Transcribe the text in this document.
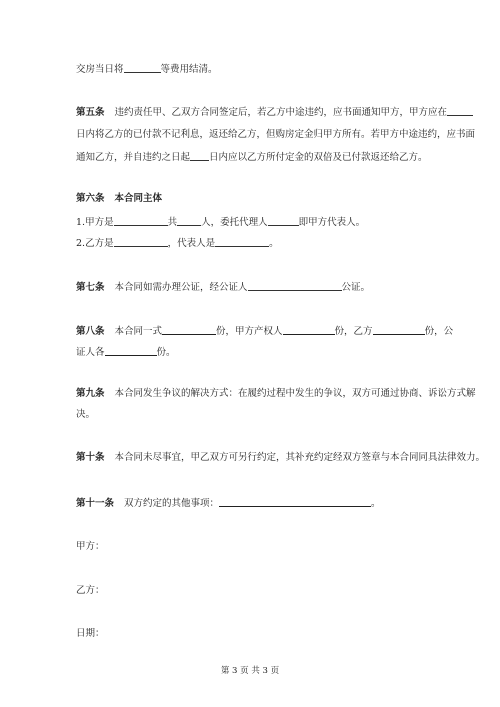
交房当日将	等费用结清。
第五条 违约责任甲、乙双方合同签定后，若乙方中途违约，应书面通知甲方，甲方应在
日内将乙方的已付款不记利息，返还给乙方，但购房定金归甲方所有。若甲方中途违约，应书面
通知乙方，并自违约之日起 日内应以乙方所付定金的双倍及已付款返还给乙方。
第六条 本合同主体
1.甲方是	共	人，委托代理人	即甲方代表人。
2.乙方是	，代表人是	。
第七条 本合同如需办理公证，经公证人	公证。
第八条 本合同一式	份，甲方产权人	份，乙方	份，公
证人各	份。
第九条 本合同发生争议的解决方式：在履约过程中发生的争议，双方可通过协商、诉讼方式解
决。
第十条 本合同未尽事宜，甲乙双方可另行约定，其补充约定经双方签章与本合同同具法律效力。
第十一条 双方约定的其他事项：	。
甲方：
乙方：
日期：
第 3 页 共 3 页
